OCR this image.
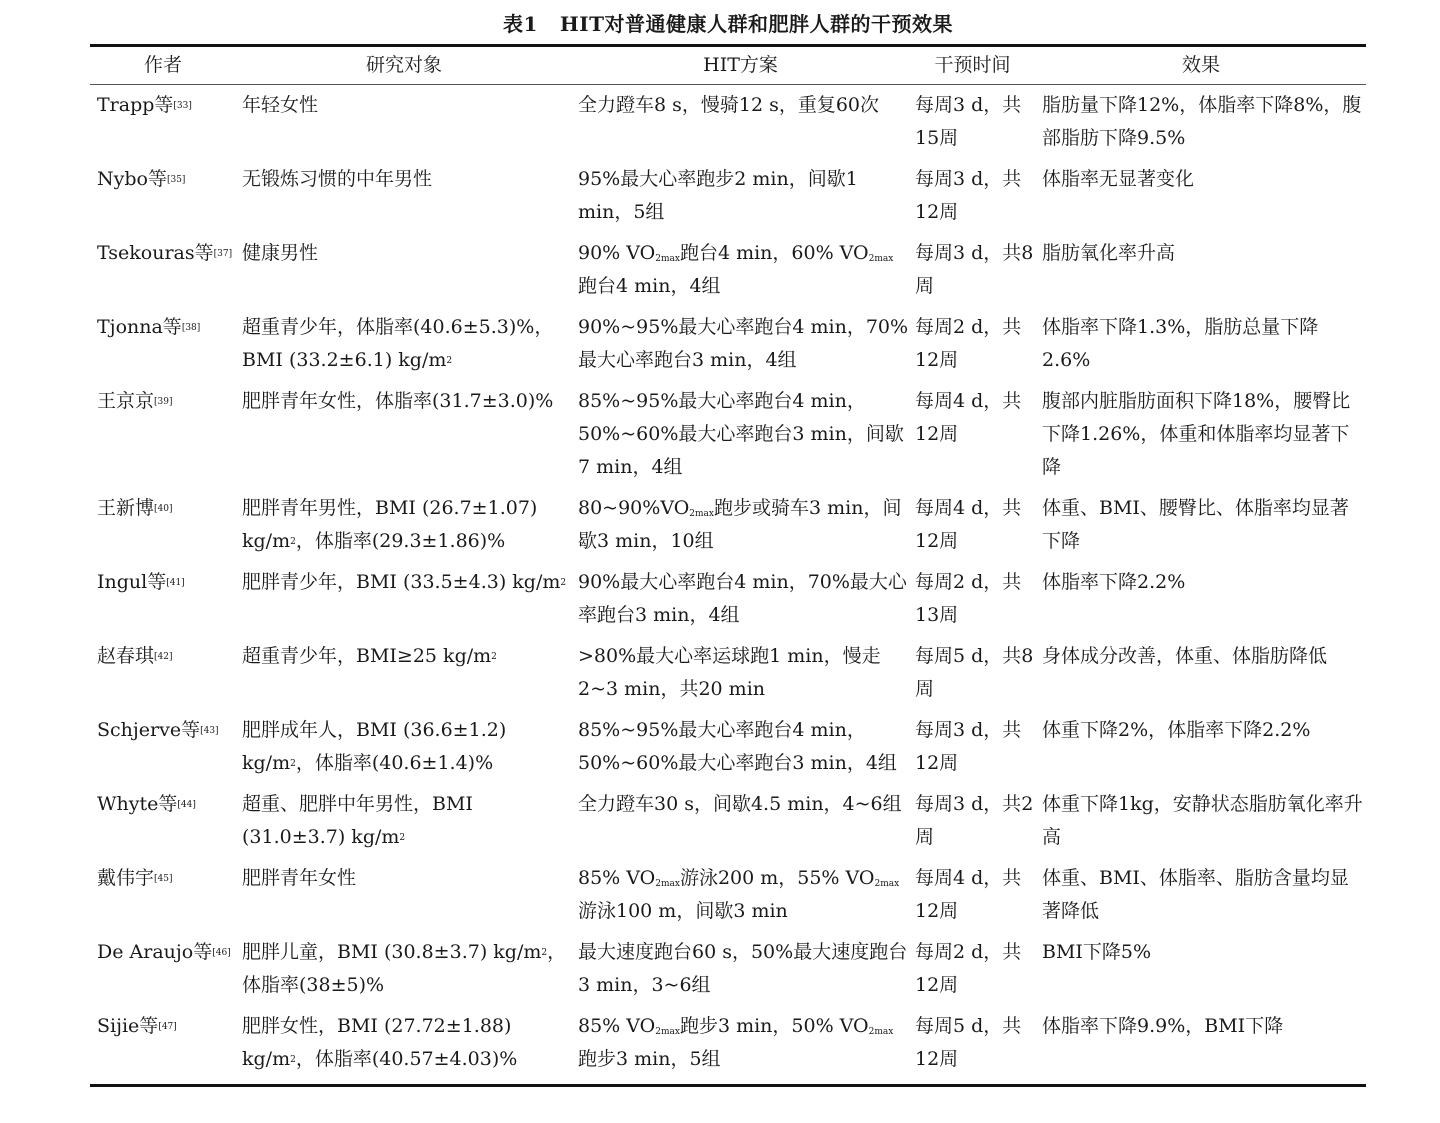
表1 HIT对普通健康人群和肥胖人群的干预效果
作者	研究对象	HIT方案	干预时间	效果
Trapp等[33]	年轻女性	全力蹬车8 s，慢骑12 s，重复60次	每周3 d，共15周	脂肪量下降12%，体脂率下降8%，腹部脂肪下降9.5%
Nybo等[35]	无锻炼习惯的中年男性	95%最大心率跑步2 min，间歇1 min，5组	每周3 d，共12周	体脂率无显著变化
Tsekouras等[37]	健康男性	90% $VO_{2max}$跑台4 min，60% $VO_{2max}$ 跑台4 min，4组	每周3 d，共8周	脂肪氧化率升高
Tjonna等[38]	超重青少年，体脂率(40.6±5.3)%，BMI (33.2±6.1) $kg/m^2$	90%~95%最大心率跑台4 min，70%最大心率跑台3 min，4组	每周2 d，共12周	体脂率下降1.3%，脂肪总量下降2.6%
王京京[39]	肥胖青年女性，体脂率(31.7±3.0)%	85%~95%最大心率跑台4 min，50%~60%最大心率跑台3 min，间歇7 min，4组	每周4 d，共12周	腹部内脏脂肪面积下降18%，腰臀比下降1.26%，体重和体脂率均显著下降
王新博[40]	肥胖青年男性，BMI (26.7±1.07) $kg/m^2$，体脂率(29.3±1.86)%	$80\sim 90\%VO_{2max}$跑步或骑车3 min，间歇3 min，10组	每周4 d，共12周	体重、BMI、腰臀比、体脂率均显著下降
Ingul等[41]	肥胖青少年，BMI (33.5±4.3) $kg/m^2$	90%最大心率跑台4 min，70%最大心率跑台3 min，4组	每周2 d，共13周	体脂率下降2.2%
赵春琪[42]	超重青少年，BMI≥25 $kg/m^2$	>80%最大心率运球跑1 min，慢走2~3 min，共20 min	每周5 d，共8周	身体成分改善，体重、体脂肪降低
Schjerve等[43]	肥胖成年人，BMI (36.6±1.2) $kg/m^2$，体脂率(40.6±1.4)%	85%~95%最大心率跑台4 min，50%~60%最大心率跑台3 min，4组	每周3 d，共12周	体重下降2%，体脂率下降2.2%
Whyte等[44]	超重、肥胖中年男性，BMI (31.0±3.7) $kg/m^2$	全力蹬车30 s，间歇4.5 min，4~6组	每周3 d，共2周	体重下降1kg，安静状态脂肪氧化率升高
戴伟宇[45]	肥胖青年女性	85% $VO_{2max}$游泳200 m，55% $VO_{2max}$游泳100 m，间歇3 min	每周4 d，共12周	体重、BMI、体脂率、脂肪含量均显著降低
De Araujo等[46]	肥胖儿童，BMI (30.8±3.7) $kg/m^2$，体脂率(38±5)%	最大速度跑台60 s，50%最大速度跑台3 min，3~6组	每周2 d，共12周	BMI下降5%
Sijie等[47]	肥胖女性，BMI (27.72±1.88) $kg/m^2$，体脂率(40.57±4.03)%	85% $VO_{2max}$跑步3 min，50% $VO_{2max}$跑步3 min，5组	每周5 d，共12周	体脂率下降9.9%，BMI下降
